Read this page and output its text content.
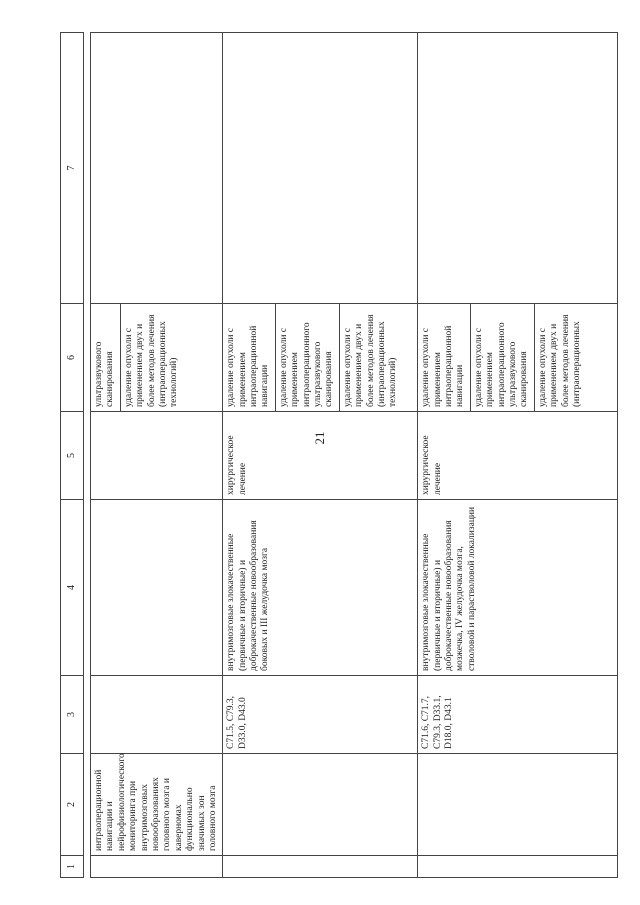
21
1	2	3	4	5	6	7

	интраоперационной навигации и нейрофизиологического мониторинга при внутримозговых новообразованиях головного мозга и каверномах функционально значимых зон головного мозга				ультразвукового сканирования удаление опухоли с применением двух и более методов лечения (интраоперационных технологий)	

		C71.5, C79.3, D33.0, D43.0	внутримозговые злокачественные (первичные и вторичные) и доброкачественные новообразования боковых и III желудочка мозга	хирургическое лечение	удаление опухоли с применением интраоперационной навигации удаление опухоли с применением интраоперационного ультразвукового сканирования удаление опухоли с применением двух и более методов лечения (интраоперационных технологий)	

		C71.6, C71.7, C79.3, D33.1, D18.0, D43.1	внутримозговые злокачественные (первичные и вторичные) и доброкачественные новообразования мозжечка, IV желудочка мозга, стволовой и парастволовой локализации	хирургическое лечение	удаление опухоли с применением интраоперационной навигации удаление опухоли с применением интраоперационного ультразвукового сканирования удаление опухоли с применением двух и более методов лечения (интраоперационных	
